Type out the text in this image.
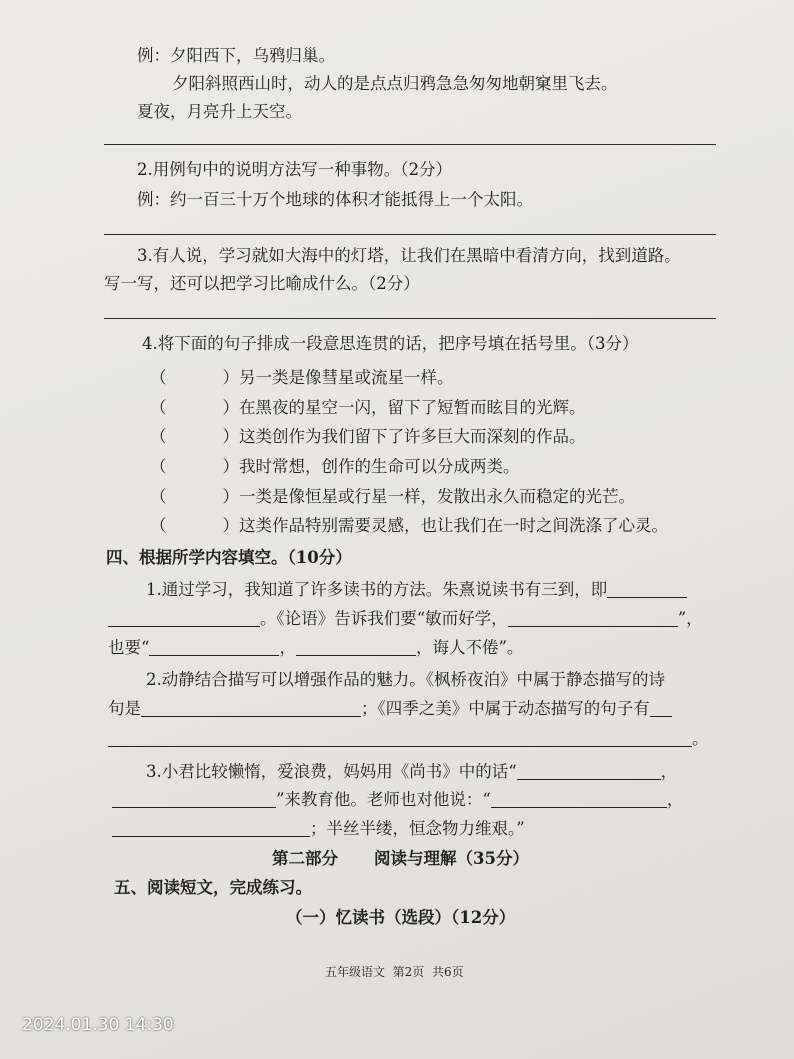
例：夕阳西下，乌鸦归巢。
夕阳斜照西山时，动人的是点点归鸦急急匆匆地朝窠里飞去。
夏夜，月亮升上天空。
2.用例句中的说明方法写一种事物。（2分）
例：约一百三十万个地球的体积才能抵得上一个太阳。
3.有人说，学习就如大海中的灯塔，让我们在黑暗中看清方向，找到道路。
写一写，还可以把学习比喻成什么。（2分）
4.将下面的句子排成一段意思连贯的话，把序号填在括号里。（3分）
（	）另一类是像彗星或流星一样。
（	）在黑夜的星空一闪，留下了短暂而眩目的光辉。
（	）这类创作为我们留下了许多巨大而深刻的作品。
（	）我时常想，创作的生命可以分成两类。
（	）一类是像恒星或行星一样，发散出永久而稳定的光芒。
（	）这类作品特别需要灵感，也让我们在一时之间洗涤了心灵。
四、根据所学内容填空。（10分）
1.通过学习，我知道了许多读书的方法。朱熹说读书有三到，即
。《论语》告诉我们要“敏而好学，	”，
也要“	，	，诲人不倦”。
2.动静结合描写可以增强作品的魅力。《枫桥夜泊》中属于静态描写的诗
句是	；《四季之美》中属于动态描写的句子有
。
3.小君比较懒惰，爱浪费，妈妈用《尚书》中的话“	，
”来教育他。老师也对他说：“	，
；半丝半缕，恒念物力维艰。”
第二部分 阅读与理解（35分）
五、阅读短文，完成练习。
（一）忆读书（选段）（12分）
五年级语文 第2页 共6页
2024.01.30 14:30
